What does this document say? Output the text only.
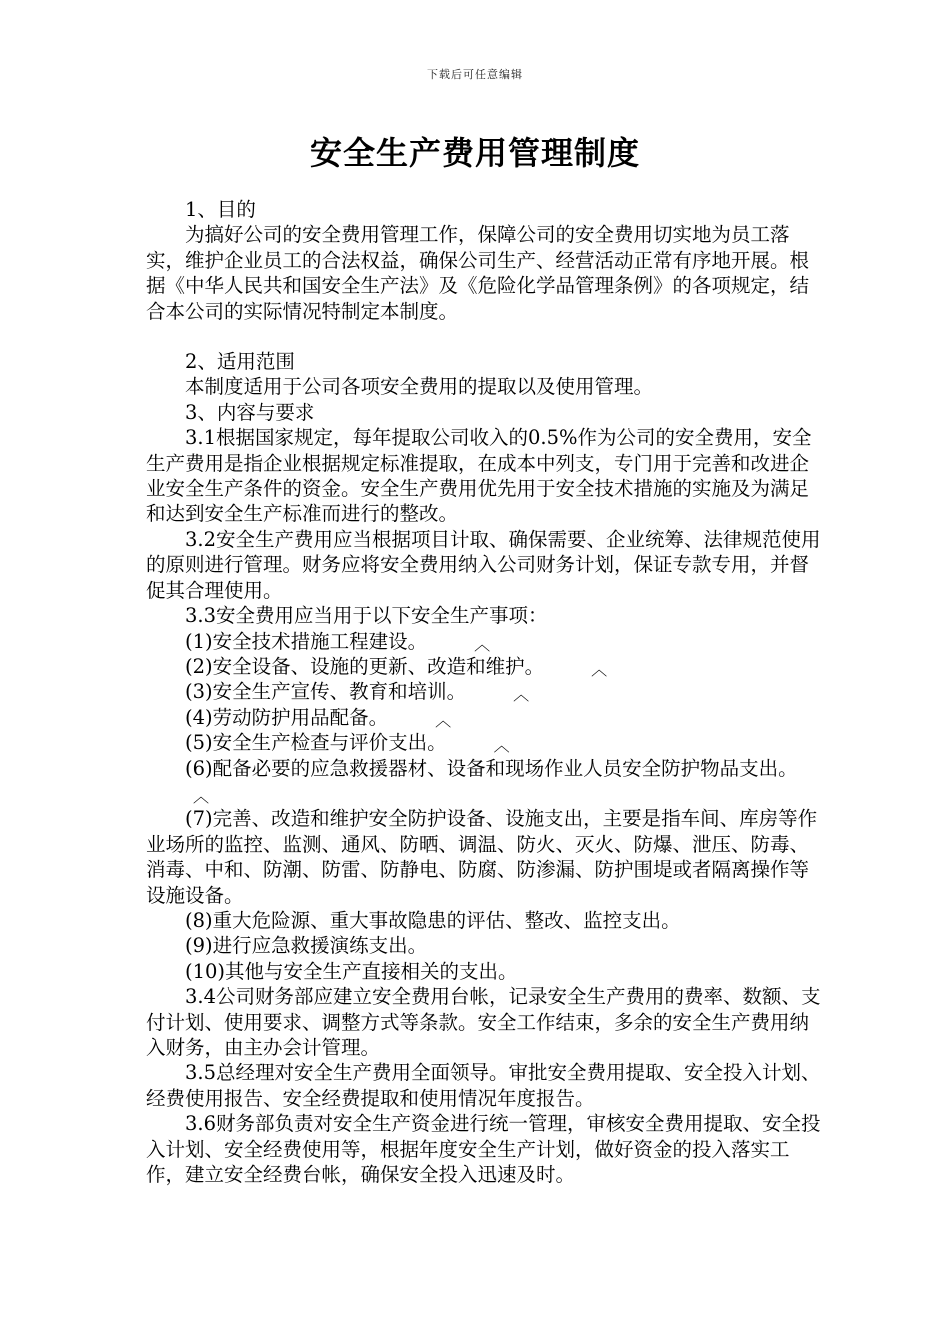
下载后可任意编辑
安全生产费用管理制度

1、目的

为搞好公司的安全费用管理工作，保障公司的安全费用切实地为员工落实，维护企业员工的合法权益，确保公司生产、经营活动正常有序地开展。根据《中华人民共和国安全生产法》及《危险化学品管理条例》的各项规定，结合本公司的实际情况特制定本制度。

2、适用范围

本制度适用于公司各项安全费用的提取以及使用管理。

3、内容与要求

3.1根据国家规定，每年提取公司收入的0.5%作为公司的安全费用，安全生产费用是指企业根据规定标准提取，在成本中列支，专门用于完善和改进企业安全生产条件的资金。安全生产费用优先用于安全技术措施的实施及为满足和达到安全生产标准而进行的整改。

3.2安全生产费用应当根据项目计取、确保需要、企业统筹、法律规范使用的原则进行管理。财务应将安全费用纳入公司财务计划，保证专款专用，并督促其合理使用。

3.3安全费用应当用于以下安全生产事项：

(1)安全技术措施工程建设。	︿

(2)安全设备、设施的更新、改造和维护。	︿

(3)安全生产宣传、教育和培训。	︿

(4)劳动防护用品配备。	︿

(5)安全生产检查与评价支出。	︿

(6)配备必要的应急救援器材、设备和现场作业人员安全防护物品支出。︿

(7)完善、改造和维护安全防护设备、设施支出，主要是指车间、库房等作业场所的监控、监测、通风、防晒、调温、防火、灭火、防爆、泄压、防毒、消毒、中和、防潮、防雷、防静电、防腐、防渗漏、防护围堤或者隔离操作等设施设备。

(8)重大危险源、重大事故隐患的评估、整改、监控支出。

(9)进行应急救援演练支出。

(10)其他与安全生产直接相关的支出。

3.4公司财务部应建立安全费用台帐，记录安全生产费用的费率、数额、支付计划、使用要求、调整方式等条款。安全工作结束，多余的安全生产费用纳入财务，由主办会计管理。

3.5总经理对安全生产费用全面领导。审批安全费用提取、安全投入计划、经费使用报告、安全经费提取和使用情况年度报告。

3.6财务部负责对安全生产资金进行统一管理，审核安全费用提取、安全投入计划、安全经费使用等，根据年度安全生产计划，做好资金的投入落实工作，建立安全经费台帐，确保安全投入迅速及时。
